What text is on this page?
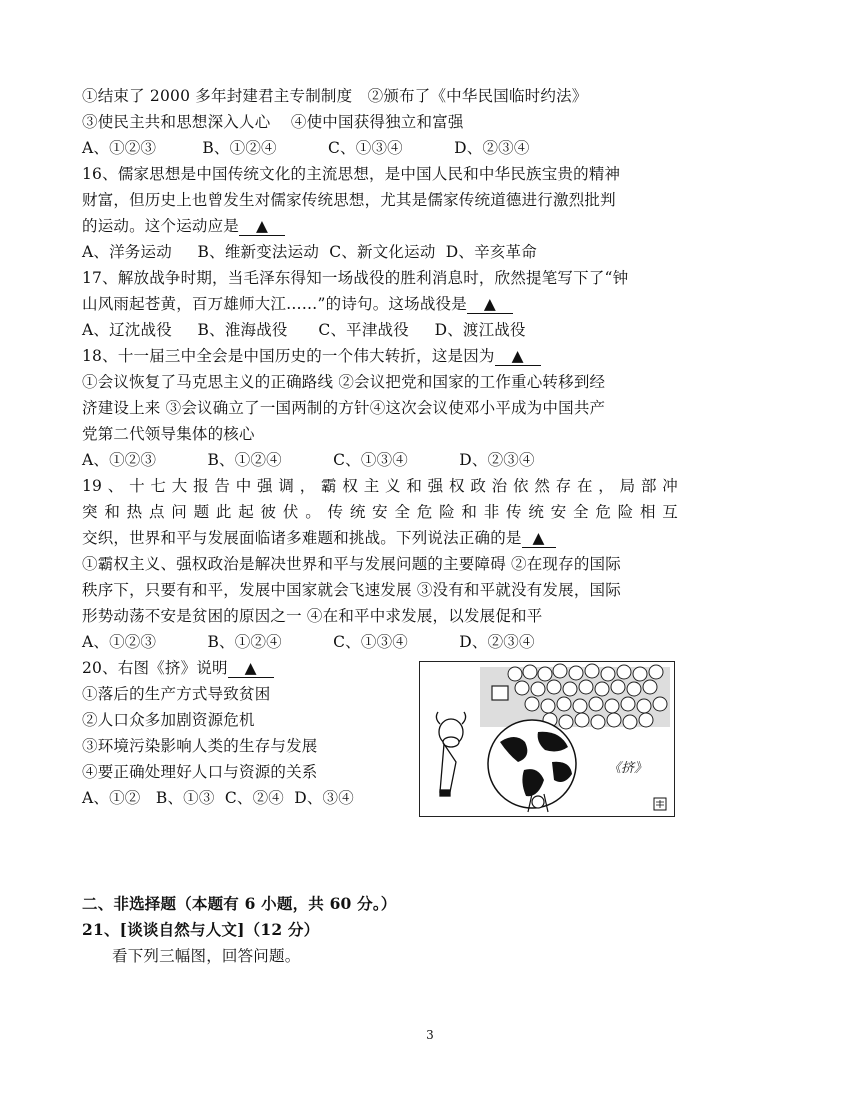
①结束了 2000 多年封建君主专制制度   ②颁布了《中华民国临时约法》
③使民主共和思想深入人心    ④使中国获得独立和富强
A、①②③         B、①②④          C、①③④          D、②③④
16、儒家思想是中国传统文化的主流思想，是中国人民和中华民族宝贵的精神
财富，但历史上也曾发生对儒家传统思想，尤其是儒家传统道德进行激烈批判
的运动。这个运动应是 ▲
A、洋务运动     B、维新变法运动  C、新文化运动  D、辛亥革命
17、解放战争时期，当毛泽东得知一场战役的胜利消息时，欣然提笔写下了“钟
山风雨起苍黄，百万雄师大江……”的诗句。这场战役是 ▲
A、辽沈战役     B、淮海战役      C、平津战役     D、渡江战役
18、十一届三中全会是中国历史的一个伟大转折，这是因为 ▲
①会议恢复了马克思主义的正确路线 ②会议把党和国家的工作重心转移到经
济建设上来 ③会议确立了一国两制的方针④这次会议使邓小平成为中国共产
党第二代领导集体的核心
A、①②③          B、①②④          C、①③④          D、②③④
19、十七大报告中强调，霸权主义和强权政治依然存在，局部冲
突和热点问题此起彼伏。传统安全危险和非传统安全危险相互
交织，世界和平与发展面临诸多难题和挑战。下列说法正确的是 ▲
①霸权主义、强权政治是解决世界和平与发展问题的主要障碍 ②在现存的国际
秩序下，只要有和平，发展中国家就会飞速发展 ③没有和平就没有发展，国际
形势动荡不安是贫困的原因之一 ④在和平中求发展，以发展促和平
A、①②③          B、①②④          C、①③④          D、②③④
20、右图《挤》说明 ▲
①落后的生产方式导致贫困
②人口众多加剧资源危机
③环境污染影响人类的生存与发展
④要正确处理好人口与资源的关系
A、①②   B、①③  C、②④  D、③④
《挤》
二、非选择题（本题有 6 小题，共 60 分。）
21、[谈谈自然与人文]（12 分）
看下列三幅图，回答问题。
3
